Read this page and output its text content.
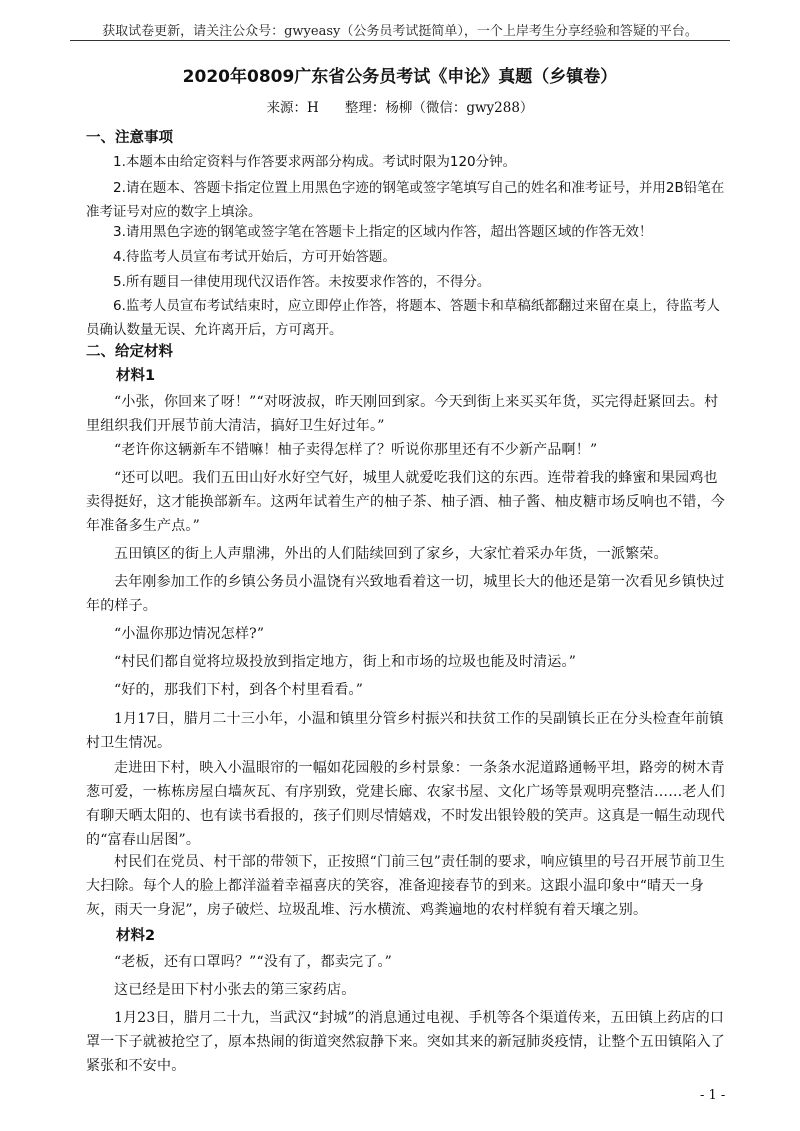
获取试卷更新，请关注公众号：gwyeasy（公务员考试挺简单），一个上岸考生分享经验和答疑的平台。
2020年0809广东省公务员考试《申论》真题（乡镇卷）
来源：H 整理：杨柳（微信：gwy288）
一、注意事项
1.本题本由给定资料与作答要求两部分构成。考试时限为120分钟。
2.请在题本、答题卡指定位置上用黑色字迹的钢笔或签字笔填写自己的姓名和准考证号，并用2B铅笔在准考证号对应的数字上填涂。
3.请用黑色字迹的钢笔或签字笔在答题卡上指定的区域内作答，超出答题区域的作答无效！
4.待监考人员宣布考试开始后，方可开始答题。
5.所有题目一律使用现代汉语作答。未按要求作答的，不得分。
6.监考人员宣布考试结束时，应立即停止作答，将题本、答题卡和草稿纸都翻过来留在桌上，待监考人员确认数量无误、允许离开后，方可离开。
二、给定材料
材料1
“小张，你回来了呀！”“对呀波叔，昨天刚回到家。今天到街上来买买年货，买完得赶紧回去。村里组织我们开展节前大清洁，搞好卫生好过年。”
“老许你这辆新车不错嘛！柚子卖得怎样了？听说你那里还有不少新产品啊！”
“还可以吧。我们五田山好水好空气好，城里人就爱吃我们这的东西。连带着我的蜂蜜和果园鸡也卖得挺好，这才能换部新车。这两年试着生产的柚子茶、柚子酒、柚子酱、柚皮糖市场反响也不错，今年准备多生产点。”
五田镇区的街上人声鼎沸，外出的人们陆续回到了家乡，大家忙着采办年货，一派繁荣。
去年刚参加工作的乡镇公务员小温饶有兴致地看着这一切，城里长大的他还是第一次看见乡镇快过年的样子。
“小温你那边情况怎样?”
“村民们都自觉将垃圾投放到指定地方，街上和市场的垃圾也能及时清运。”
“好的，那我们下村，到各个村里看看。”
1月17日，腊月二十三小年，小温和镇里分管乡村振兴和扶贫工作的吴副镇长正在分头检查年前镇村卫生情况。
走进田下村，映入小温眼帘的一幅如花园般的乡村景象：一条条水泥道路通畅平坦，路旁的树木青葱可爱，一栋栋房屋白墙灰瓦、有序别致，党建长廊、农家书屋、文化广场等景观明亮整洁……老人们有聊天晒太阳的、也有读书看报的，孩子们则尽情嬉戏，不时发出银铃般的笑声。这真是一幅生动现代的“富春山居图”。
村民们在党员、村干部的带领下，正按照“门前三包”责任制的要求，响应镇里的号召开展节前卫生大扫除。每个人的脸上都洋溢着幸福喜庆的笑容，准备迎接春节的到来。这跟小温印象中“晴天一身灰，雨天一身泥”，房子破烂、垃圾乱堆、污水横流、鸡粪遍地的农村样貌有着天壤之别。
材料2
“老板，还有口罩吗？”“没有了，都卖完了。”
这已经是田下村小张去的第三家药店。
1月23日，腊月二十九，当武汉“封城”的消息通过电视、手机等各个渠道传来，五田镇上药店的口罩一下子就被抢空了，原本热闹的街道突然寂静下来。突如其来的新冠肺炎疫情，让整个五田镇陷入了紧张和不安中。
- 1 -
